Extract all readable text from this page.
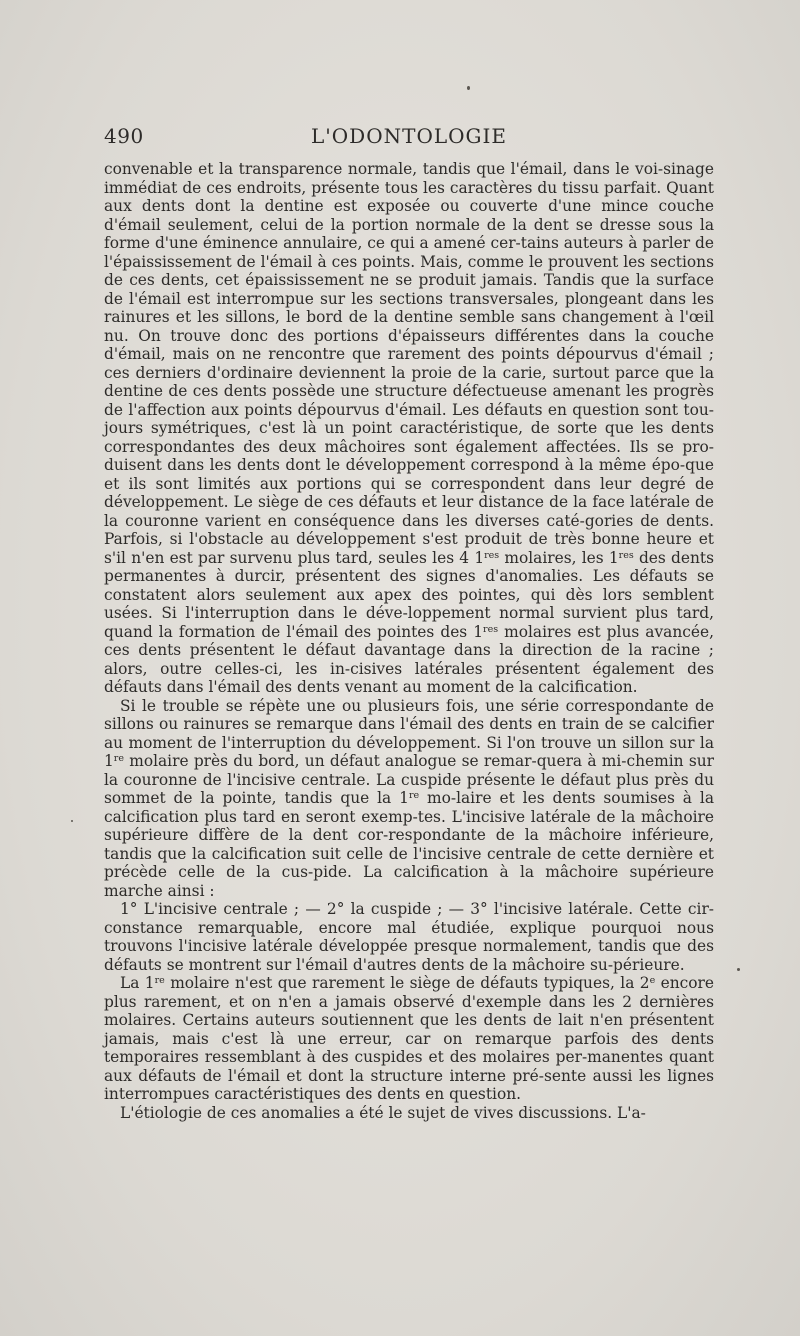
490	L'ODONTOLOGIE

convenable et la transparence normale, tandis que l'émail, dans le voi-sinage immédiat de ces endroits, présente tous les caractères du tissu parfait. Quant aux dents dont la dentine est exposée ou couverte d'une mince couche d'émail seulement, celui de la portion normale de la dent se dresse sous la forme d'une éminence annulaire, ce qui a amené cer-tains auteurs à parler de l'épaississement de l'émail à ces points. Mais, comme le prouvent les sections de ces dents, cet épaississement ne se produit jamais. Tandis que la surface de l'émail est interrompue sur les sections transversales, plongeant dans les rainures et les sillons, le bord de la dentine semble sans changement à l'œil nu. On trouve donc des portions d'épaisseurs différentes dans la couche d'émail, mais on ne rencontre que rarement des points dépourvus d'émail ; ces derniers d'ordinaire deviennent la proie de la carie, surtout parce que la dentine de ces dents possède une structure défectueuse amenant les progrès de l'affection aux points dépourvus d'émail. Les défauts en question sont tou-jours symétriques, c'est là un point caractéristique, de sorte que les dents correspondantes des deux mâchoires sont également affectées. Ils se pro-duisent dans les dents dont le développement correspond à la même épo-que et ils sont limités aux portions qui se correspondent dans leur degré de développement. Le siège de ces défauts et leur distance de la face latérale de la couronne varient en conséquence dans les diverses caté-gories de dents. Parfois, si l'obstacle au développement s'est produit de très bonne heure et s'il n'en est par survenu plus tard, seules les 4 1res molaires, les 1res des dents permanentes à durcir, présentent des signes d'anomalies. Les défauts se constatent alors seulement aux apex des pointes, qui dès lors semblent usées. Si l'interruption dans le déve-loppement normal survient plus tard, quand la formation de l'émail des pointes des 1res molaires est plus avancée, ces dents présentent le défaut davantage dans la direction de la racine ; alors, outre celles-ci, les in-cisives latérales présentent également des défauts dans l'émail des dents venant au moment de la calcification.

Si le trouble se répète une ou plusieurs fois, une série correspondante de sillons ou rainures se remarque dans l'émail des dents en train de se calcifier au moment de l'interruption du développement. Si l'on trouve un sillon sur la 1re molaire près du bord, un défaut analogue se remar-quera à mi-chemin sur la couronne de l'incisive centrale. La cuspide présente le défaut plus près du sommet de la pointe, tandis que la 1re mo-laire et les dents soumises à la calcification plus tard en seront exemp-tes. L'incisive latérale de la mâchoire supérieure diffère de la dent cor-respondante de la mâchoire inférieure, tandis que la calcification suit celle de l'incisive centrale de cette dernière et précède celle de la cus-pide. La calcification à la mâchoire supérieure marche ainsi :

1° L'incisive centrale ; — 2° la cuspide ; — 3° l'incisive latérale. Cette cir-constance remarquable, encore mal étudiée, explique pourquoi nous trouvons l'incisive latérale développée presque normalement, tandis que des défauts se montrent sur l'émail d'autres dents de la mâchoire su-périeure.

La 1re molaire n'est que rarement le siège de défauts typiques, la 2e encore plus rarement, et on n'en a jamais observé d'exemple dans les 2 dernières molaires. Certains auteurs soutiennent que les dents de lait n'en présentent jamais, mais c'est là une erreur, car on remarque parfois des dents temporaires ressemblant à des cuspides et des molaires per-manentes quant aux défauts de l'émail et dont la structure interne pré-sente aussi les lignes interrompues caractéristiques des dents en question.

L'étiologie de ces anomalies a été le sujet de vives discussions. L'a-
